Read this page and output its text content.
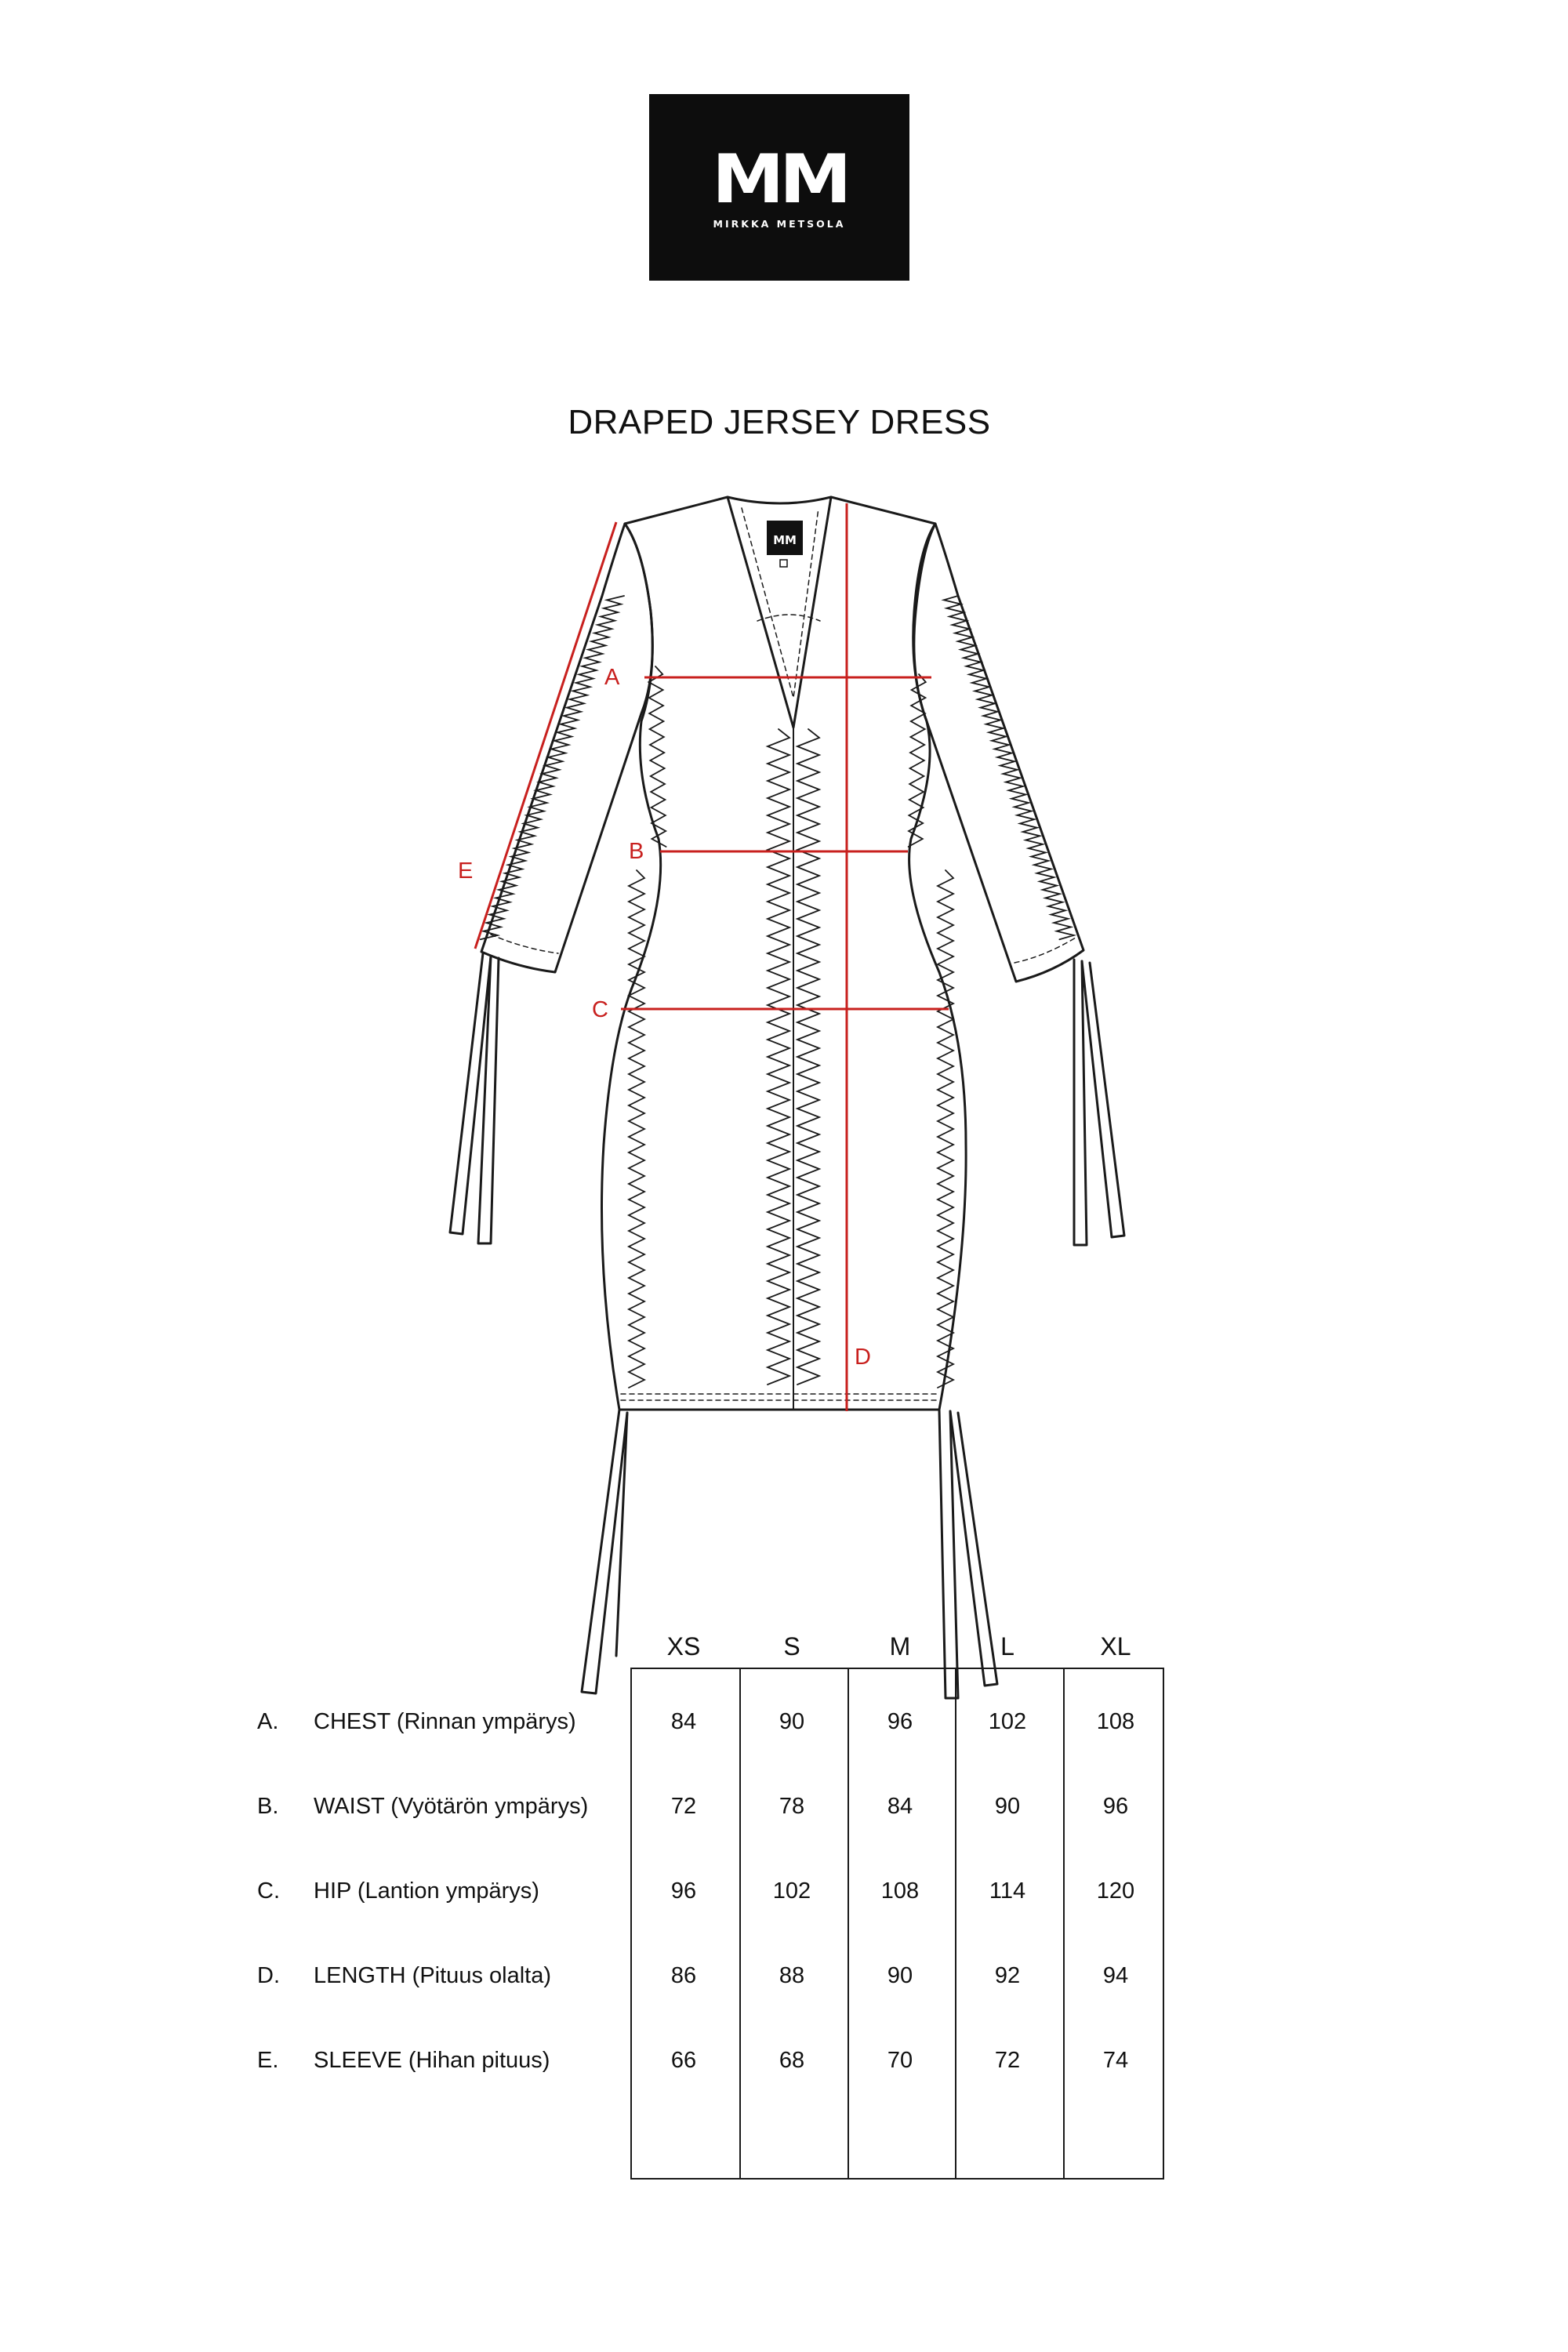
MM
MIRKKA METSOLA
DRAPED JERSEY DRESS
MM
A
B
C
D
E
XS	S	M	L	XL
A. CHEST (Rinnan ympärys)	84	90	96	102	108
B. WAIST (Vyötärön ympärys)	72	78	84	90	96
C. HIP (Lantion ympärys)	96	102	108	114	120
D. LENGTH (Pituus olalta)	86	88	90	92	94
E. SLEEVE (Hihan pituus)	66	68	70	72	74
